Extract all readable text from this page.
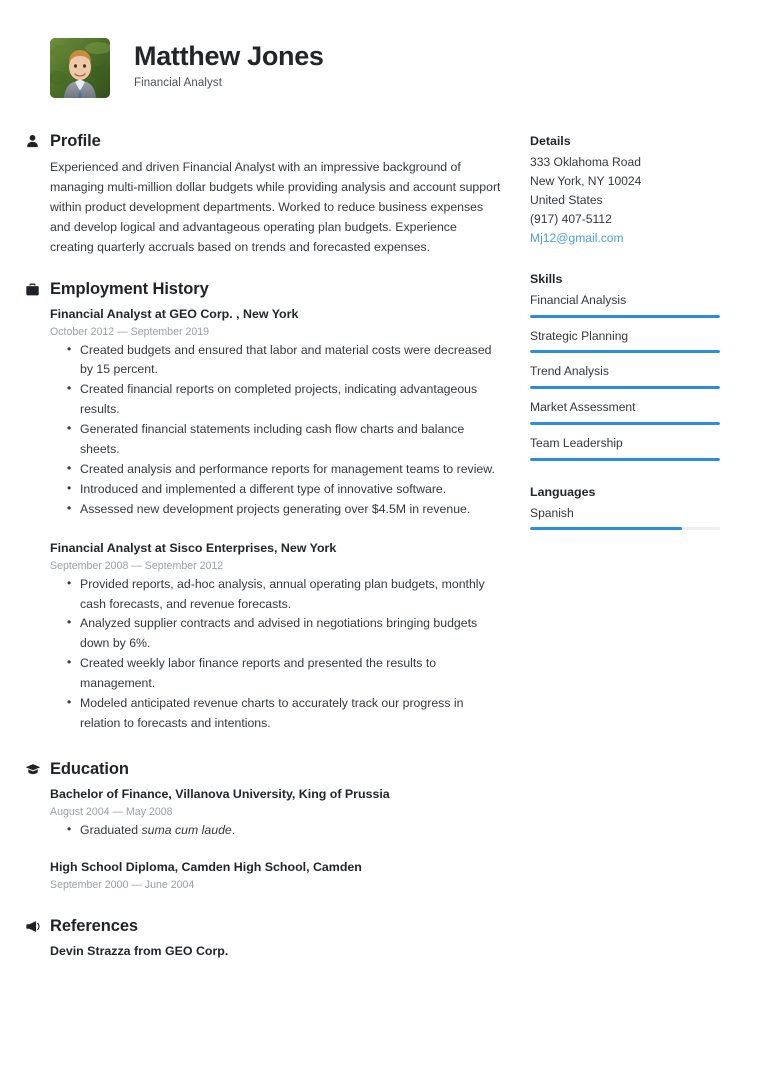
Matthew Jones
Financial Analyst
Profile
Experienced and driven Financial Analyst with an impressive background of managing multi-million dollar budgets while providing analysis and account support within product development departments. Worked to reduce business expenses and develop logical and advantageous operating plan budgets. Experience creating quarterly accruals based on trends and forecasted expenses.
Employment History
Financial Analyst at GEO Corp. , New York
October 2012 — September 2019
• Created budgets and ensured that labor and material costs were decreased by 15 percent.
• Created financial reports on completed projects, indicating advantageous results.
• Generated financial statements including cash flow charts and balance sheets.
• Created analysis and performance reports for management teams to review.
• Introduced and implemented a different type of innovative software.
• Assessed new development projects generating over $4.5M in revenue.
Financial Analyst at Sisco Enterprises, New York
September 2008 — September 2012
• Provided reports, ad-hoc analysis, annual operating plan budgets, monthly cash forecasts, and revenue forecasts.
• Analyzed supplier contracts and advised in negotiations bringing budgets down by 6%.
• Created weekly labor finance reports and presented the results to management.
• Modeled anticipated revenue charts to accurately track our progress in relation to forecasts and intentions.
Education
Bachelor of Finance, Villanova University, King of Prussia
August 2004 — May 2008
• Graduated suma cum laude.
High School Diploma, Camden High School, Camden
September 2000 — June 2004
References
Devin Strazza from GEO Corp.
Details
333 Oklahoma Road
New York, NY 10024
United States
(917) 407-5112
Mj12@gmail.com
Skills
Financial Analysis
Strategic Planning
Trend Analysis
Market Assessment
Team Leadership
Languages
Spanish
